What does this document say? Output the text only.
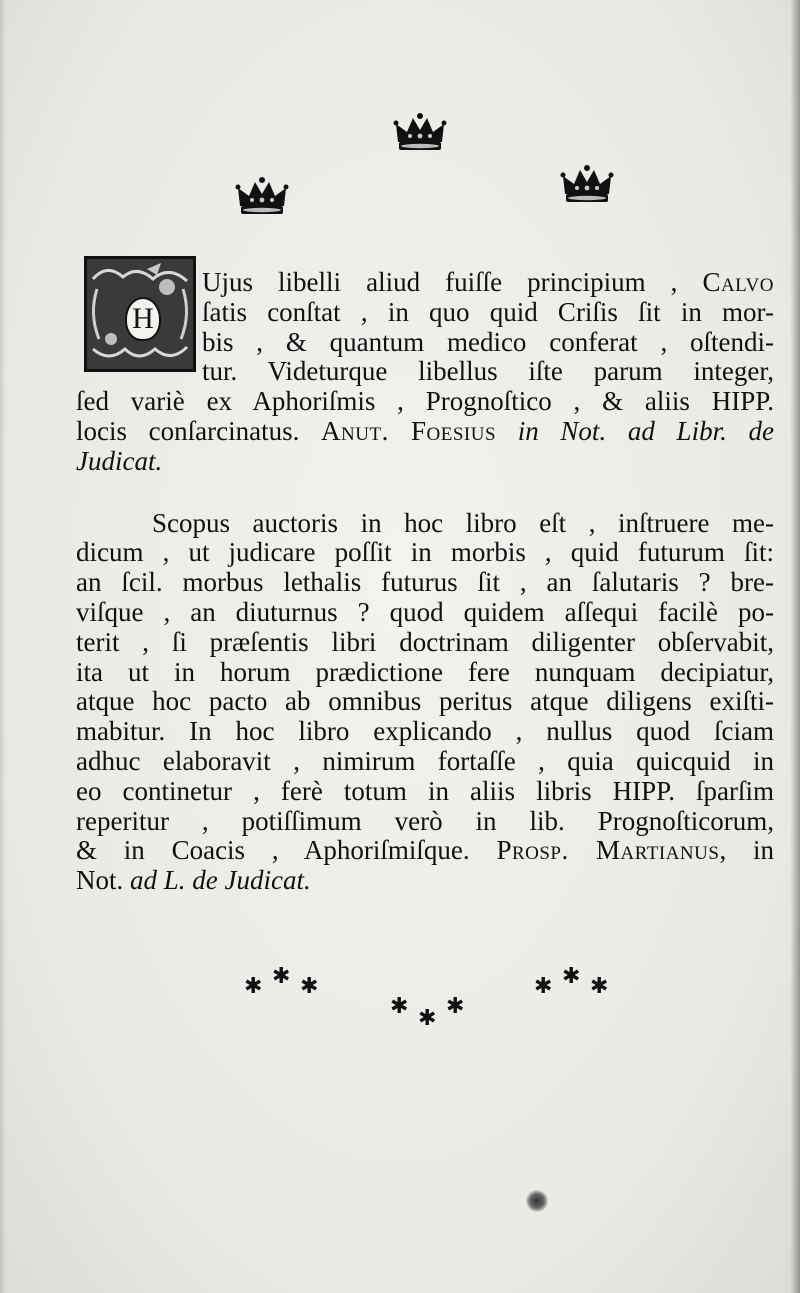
H
Ujus libelli aliud fuiſſe principium , Calvo
ſatis conſtat , in quo quid Criſis ſit in mor-
bis , & quantum medico conferat , oſtendi-
tur. Videturque libellus iſte parum integer,
ſed variè ex Aphoriſmis , Prognoſtico , & aliis HIPP.
locis conſarcinatus. Anut. Foesius in Not. ad Libr. de
Judicat.
Scopus auctoris in hoc libro eſt , inſtruere me-
dicum , ut judicare poſſit in morbis , quid futurum ſit:
an ſcil. morbus lethalis futurus ſit , an ſalutaris ? bre-
viſque , an diuturnus ? quod quidem aſſequi facilè po-
terit , ſi præſentis libri doctrinam diligenter obſervabit,
ita ut in horum prædictione fere nunquam decipiatur,
atque hoc pacto ab omnibus peritus atque diligens exiſti-
mabitur. In hoc libro explicando , nullus quod ſciam
adhuc elaboravit , nimirum fortaſſe , quia quicquid in
eo continetur , ferè totum in aliis libris HIPP. ſparſim
reperitur , potiſſimum verò in lib. Prognoſticorum,
& in Coacis , Aphoriſmiſque. Prosp. Martianus, in
Not. ad L. de Judicat.
✱ ✱ ✱
✱ ✱ ✱
✱ ✱ ✱
